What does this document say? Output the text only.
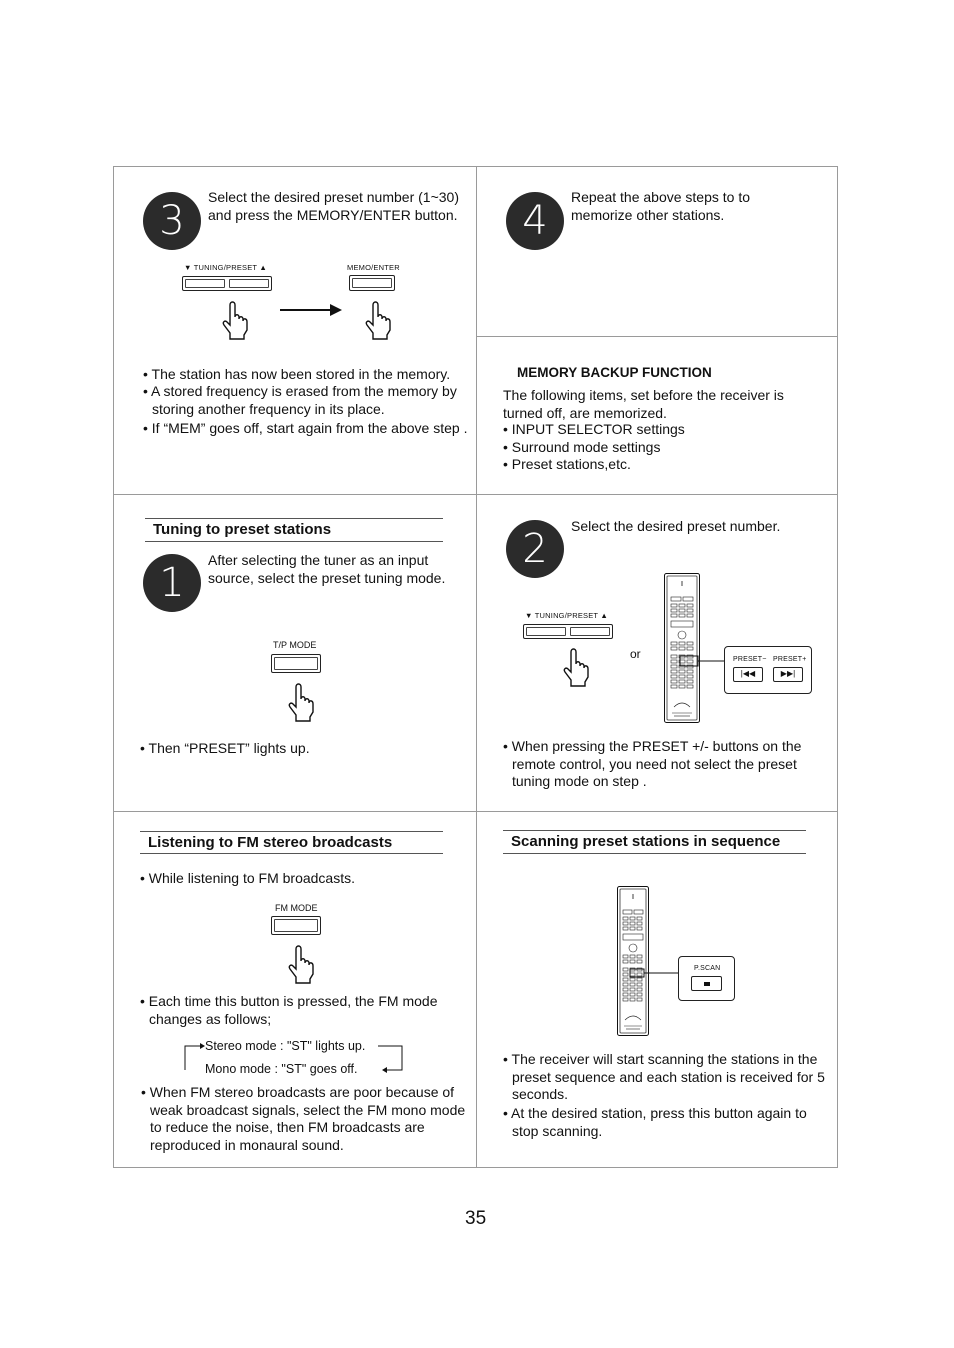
3
Select the desired preset number (1~30) and press the MEMORY/ENTER button.
▼ TUNING/PRESET ▲	MEMO/ENTER
• The station has now been stored in the memory.
• A stored frequency is erased from the memory by storing another frequency in its place.
• If “MEM” goes off, start again from the above step .
4
Repeat the above steps to to memorize other stations.
MEMORY BACKUP FUNCTION
The following items, set before the receiver is turned off, are memorized.
• INPUT SELECTOR settings
• Surround mode settings
• Preset stations,etc.
Tuning to preset stations
1	After selecting the tuner as an input source, select the preset tuning mode.
T/P MODE
• Then “PRESET” lights up.
2	Select the desired preset number.
▼ TUNING/PRESET ▲
or	PRESET− PRESET+
|◀◀	▶▶|
• When pressing the PRESET +/- buttons on the remote control, you need not select the preset tuning mode on step .
Listening to FM stereo broadcasts
• While listening to FM broadcasts.
FM MODE
• Each time this button is pressed, the FM mode changes as follows;
Stereo mode : "ST" lights up.
Mono mode : "ST" goes off.
• When FM stereo broadcasts are poor because of weak broadcast signals, select the FM mono mode to reduce the noise, then FM broadcasts are reproduced in monaural sound.
Scanning preset stations in sequence
P.SCAN
• The receiver will start scanning the stations in the preset sequence and each station is received for 5 seconds.
• At the desired station, press this button again to stop scanning.
35
